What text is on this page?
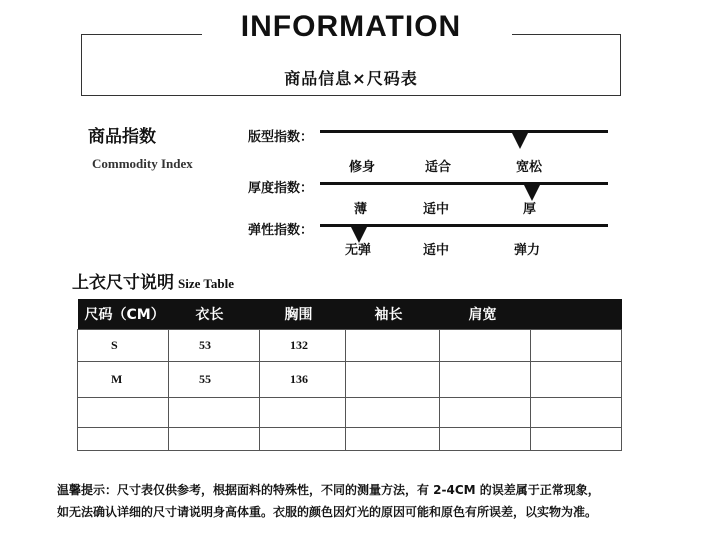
INFORMATION
商品信息×尺码表
商品指数
Commodity Index
版型指数：
修身	适合	宽松
厚度指数：
薄	适中	厚
弹性指数：
无弹	适中	弹力
上衣尺寸说明 Size Table
尺码（CM）	衣长	胸围	袖长	肩宽	
S	53	132			
M	55	136			

温馨提示：尺寸表仅供参考，根据面料的特殊性，不同的测量方法，有 2-4CM 的误差属于正常现象，
如无法确认详细的尺寸请说明身高体重。衣服的颜色因灯光的原因可能和原色有所误差，以实物为准。
